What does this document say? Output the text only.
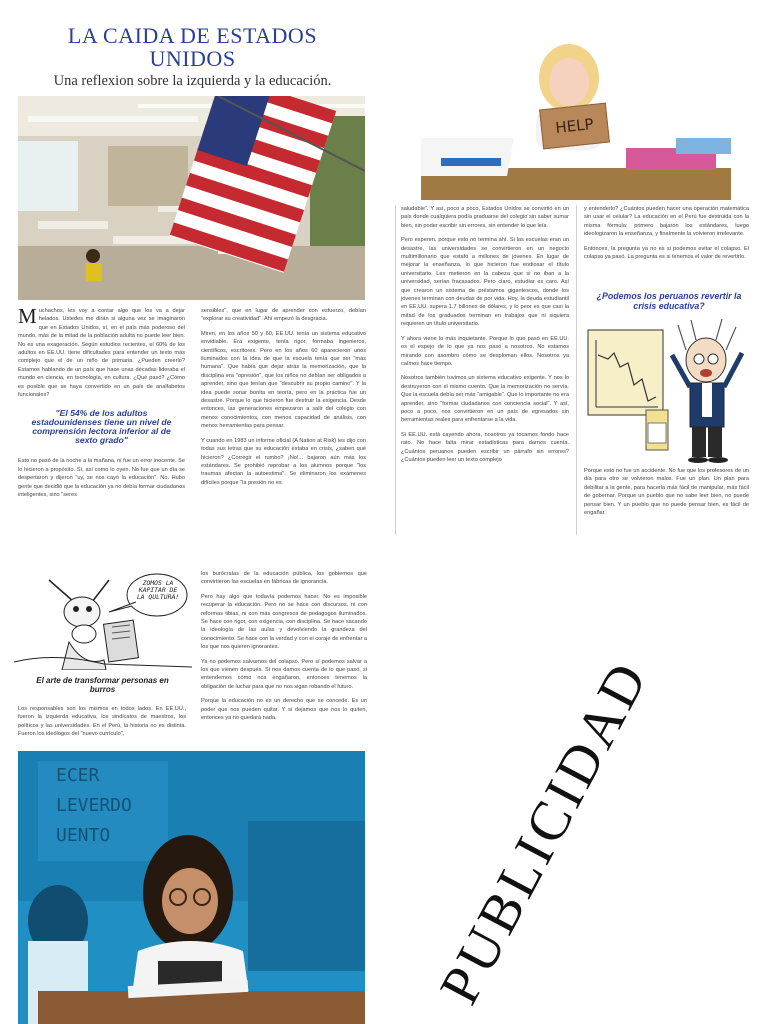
LA CAIDA DE ESTADOS
UNIDOS
Una reflexion sobre la izquierda y la educación.
HELP

Muchachos, les voy a contar algo que los va a dejar helados. Ustedes me dirán si alguna vez se imaginaron que en Estados Unidos, sí, en el país más poderoso del mundo, más de la mitad de la población adulta no puede leer bien. No es una exageración. Según estudios recientes, el 60% de los adultos en EE.UU. tiene dificultades para entender un texto más complejo que el de un niño de primaria. ¿Pueden creerlo? Estamos hablando de un país que hace unas décadas lideraba el mundo en ciencia, en tecnología, en cultura. ¿Qué pasó? ¿Cómo es posible que se haya convertido en un país de analfabetos funcionales?

"El 54% de los adultos estadounidenses tiene un nivel de comprensión lectora inferior al de sexto grado"

Esto no pasó de la noche a la mañana, ni fue un error inocente. Se lo hicieron a propósito. Sí, así como lo oyen. No fue que un día se despertaron y dijeron "uy, se nos cayó la educación". No. Hubo gente que decidió que la educación ya no debía formar ciudadanos inteligentes, sino "seres

sensibles", que en lugar de aprender con esfuerzo, debían "explorar su creatividad". Ahí empezó la desgracia.

Miren, en los años 50 y 60, EE.UU. tenía un sistema educativo envidiable. Era exigente, tenía rigor, formaba ingenieros, científicos, escritores. Pero en los años 60 aparecieron unos iluminados con la idea de que la escuela tenía que ser "más humana". Que había que dejar atrás la memorización, que la disciplina era "opresión", que los niños no debían ser obligados a aprender, sino que tenían que "descubrir su propio camino". Y la idea puede sonar bonita en teoría, pero en la práctica fue un desastre. Porque lo que hicieron fue destruir la exigencia. Desde entonces, las generaciones empezaron a salir del colegio con menos conocimientos, con menos capacidad de análisis, con menos herramientas para pensar.

Y cuando en 1983 un informe oficial (A Nation at Risk) les dijo con todas sus letras que su educación estaba en crisis, ¿saben qué hicieron? ¿Corregir el rumbo? ¡No!... bajaron aún más los estándares. Se prohibió reprobar a los alumnos porque "los traumas afectan la autoestima". Se eliminaron los exámenes difíciles porque "la presión no es

saludable". Y así, poco a poco, Estados Unidos se convirtió en un país donde cualquiera podía graduarse del colegio sin saber sumar bien, sin poder escribir sin errores, sin entender lo que leía.

Pero esperen, porque esto no termina ahí. Si las escuelas eran un desastre, las universidades se convirtieron en un negocio multimillonario que estafó a millones de jóvenes. En lugar de mejorar la enseñanza, lo que hicieron fue endiosar el título universitario. Les metieron en la cabeza que si no iban a la universidad, serían fracasados. Pero claro, estudiar es caro. Así que crearon un sistema de préstamos gigantescos, donde los jóvenes terminan con deudas de por vida. Hoy, la deuda estudiantil en EE.UU. supera 1.7 billones de dólares, y lo peor es que casi la mitad de los graduados terminan en trabajos que ni siquiera requieren un título universitario.

Y ahora viene lo más inquietante. Porque lo que pasó en EE.UU. es el espejo de lo que ya nos pasó a nosotros. No estamos mirando con asombro cómo se desploman ellos. Nosotros ya caímos hace tiempo.

Nosotros también tuvimos un sistema educativo exigente. Y nos lo destruyeron con el mismo cuento. Que la memorización no servía. Que la escuela debía ser más "amigable". Que lo importante no era aprender, sino "formar ciudadanos con conciencia social". Y así, poco a poco, nos convirtieron en un país de egresados sin herramientas reales para enfrentarse a la vida.

Si EE.UU. está cayendo ahora, nosotros ya tocamos fondo hace rato. No hace falta mirar estadísticas para darnos cuenta. ¿Cuántos peruanos pueden escribir un párrafo sin errores? ¿Cuántos pueden leer un texto complejo

y entenderlo? ¿Cuántos pueden hacer una operación matemática sin usar el celular? La educación en el Perú fue destruida con la misma fórmula: primero bajaron los estándares, luego ideologizaron la enseñanza, y finalmente la volvieron irrelevante.

Entonces, la pregunta ya no es si podemos evitar el colapso. El colapso ya pasó. La pregunta es si tenemos el valor de revertirlo.

¿Podemos los peruanos revertir la crisis educativa?

Porque esto no fue un accidente. No fue que los profesores de un día para otro se volvieron malos. Fue un plan. Un plan para debilitar a la gente, para hacerla más fácil de manipular, más fácil de gobernar. Porque un pueblo que no sabe leer bien, no puede pensar bien. Y un pueblo que no puede pensar bien, es fácil de engañar.

ZOMOS LA KAPITAR DE LA QULTURA!
El arte de transformar personas en burros

Los responsables son los mismos en todos lados. En EE.UU., fueron la izquierda educativa, los sindicatos de maestros, los políticos y las universidades. En el Perú, la historia no es distinta. Fueron los ideólogos del "nuevo currículo",

los burócratas de la educación pública, los gobiernos que convirtieron las escuelas en fábricas de ignorancia.

Pero hay algo que todavía podemos hacer. No es imposible recuperar la educación. Pero no se hace con discursos, ni con reformas tibias, ni con más congresos de pedagogos iluminados. Se hace con rigor, con exigencia, con disciplina. Se hace sacando la ideología de las aulas y devolviendo la grandeza del conocimiento. Se hace con la verdad y con el coraje de enfrentar a los que nos quieren ignorantes.

Ya no podemos salvarnos del colapso. Pero sí podemos salvar a los que vienen después. Si nos damos cuenta de lo que pasó, si entendemos cómo nos engañaron, entonces tenemos la obligación de luchar para que no nos sigan robando el futuro.

Porque la educación no es un derecho que se concede. Es un poder que nos pueden quitar. Y si dejamos que nos lo quiten, entonces ya no quedará nada.

ECER LEVERDO UENTO	PUBLICIDAD
